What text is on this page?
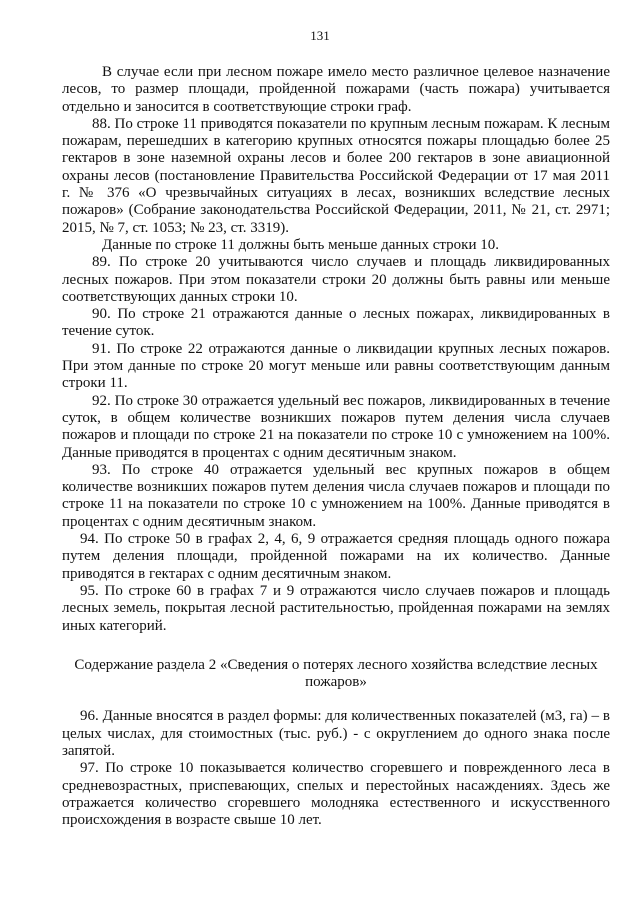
131

В случае если при лесном пожаре имело место различное целевое назначение лесов, то размер площади, пройденной пожарами (часть пожара) учитывается отдельно и заносится в соответствующие строки граф.

88. По строке 11 приводятся показатели по крупным лесным пожарам. К лесным пожарам, перешедших в категорию крупных относятся пожары площадью более 25 гектаров в зоне наземной охраны лесов и более 200 гектаров в зоне авиационной охраны лесов (постановление Правительства Российской Федерации от 17 мая 2011 г. № 376 «О чрезвычайных ситуациях в лесах, возникших вследствие лесных пожаров» (Собрание законодательства Российской Федерации, 2011, № 21, ст. 2971; 2015, № 7, ст. 1053; № 23, ст. 3319).

Данные по строке 11 должны быть меньше данных строки 10.

89. По строке 20 учитываются число случаев и площадь ликвидированных лесных пожаров. При этом показатели строки 20 должны быть равны или меньше соответствующих данных строки 10.

90. По строке 21 отражаются данные о лесных пожарах, ликвидированных в течение суток.

91. По строке 22 отражаются данные о ликвидации крупных лесных пожаров. При этом данные по строке 20 могут меньше или равны соответствующим данным строки 11.

92. По строке 30 отражается удельный вес пожаров, ликвидированных в течение суток, в общем количестве возникших пожаров путем деления числа случаев пожаров и площади по строке 21 на показатели по строке 10 с умножением на 100%. Данные приводятся в процентах с одним десятичным знаком.

93. По строке 40 отражается удельный вес крупных пожаров в общем количестве возникших пожаров путем деления числа случаев пожаров и площади по строке 11 на показатели по строке 10 с умножением на 100%. Данные приводятся в процентах с одним десятичным знаком.

94. По строке 50 в графах 2, 4, 6, 9 отражается средняя площадь одного пожара путем деления площади, пройденной пожарами на их количество. Данные приводятся в гектарах с одним десятичным знаком.

95. По строке 60 в графах 7 и 9 отражаются число случаев пожаров и площадь лесных земель, покрытая лесной растительностью, пройденная пожарами на землях иных категорий.

Содержание раздела 2 «Сведения о потерях лесного хозяйства вследствие лесных пожаров»

96. Данные вносятся в раздел формы: для количественных показателей (м3, га) – в целых числах, для стоимостных (тыс. руб.) - с округлением до одного знака после запятой.

97. По строке 10 показывается количество сгоревшего и поврежденного леса в средневозрастных, приспевающих, спелых и перестойных насаждениях. Здесь же отражается количество сгоревшего молодняка естественного и искусственного происхождения в возрасте свыше 10 лет.
